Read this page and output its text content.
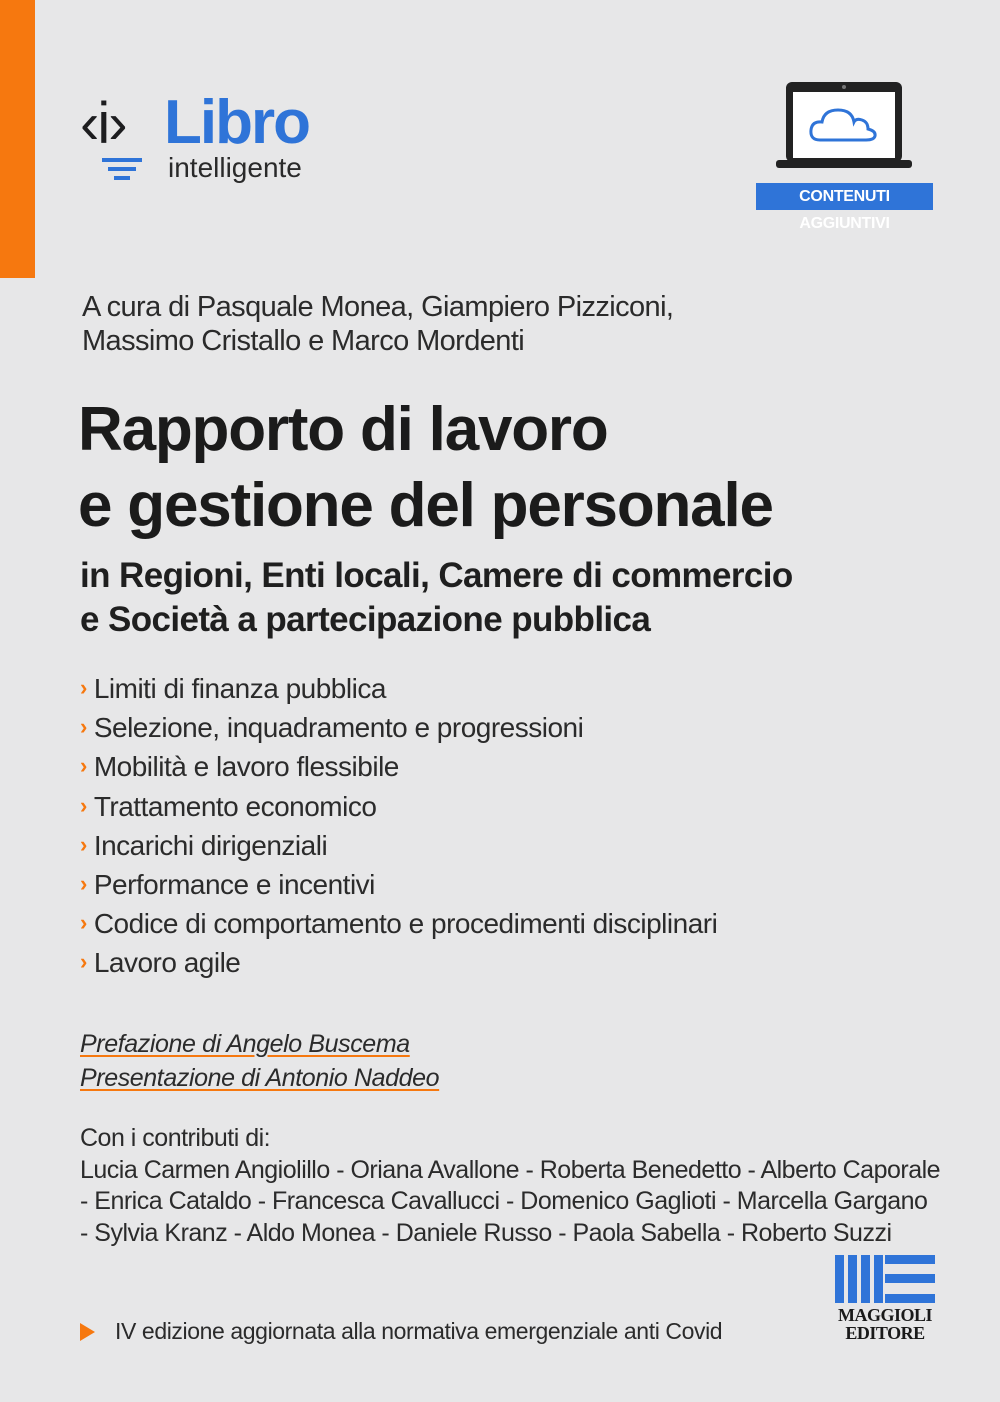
‹i› Libro
intelligente
CONTENUTI AGGIUNTIVI
A cura di Pasquale Monea, Giampiero Pizziconi,
Massimo Cristallo e Marco Mordenti
Rapporto di lavoro
e gestione del personale
in Regioni, Enti locali, Camere di commercio
e Società a partecipazione pubblica
› Limiti di finanza pubblica
› Selezione, inquadramento e progressioni
› Mobilità e lavoro flessibile
› Trattamento economico
› Incarichi dirigenziali
› Performance e incentivi
› Codice di comportamento e procedimenti disciplinari
› Lavoro agile
Prefazione di Angelo Buscema
Presentazione di Antonio Naddeo
Con i contributi di:
Lucia Carmen Angiolillo - Oriana Avallone - Roberta Benedetto - Alberto Caporale
- Enrica Cataldo - Francesca Cavallucci - Domenico Gaglioti - Marcella Gargano
- Sylvia Kranz - Aldo Monea - Daniele Russo - Paola Sabella - Roberto Suzzi
IV edizione aggiornata alla normativa emergenziale anti Covid
MAGGIOLI
EDITORE
